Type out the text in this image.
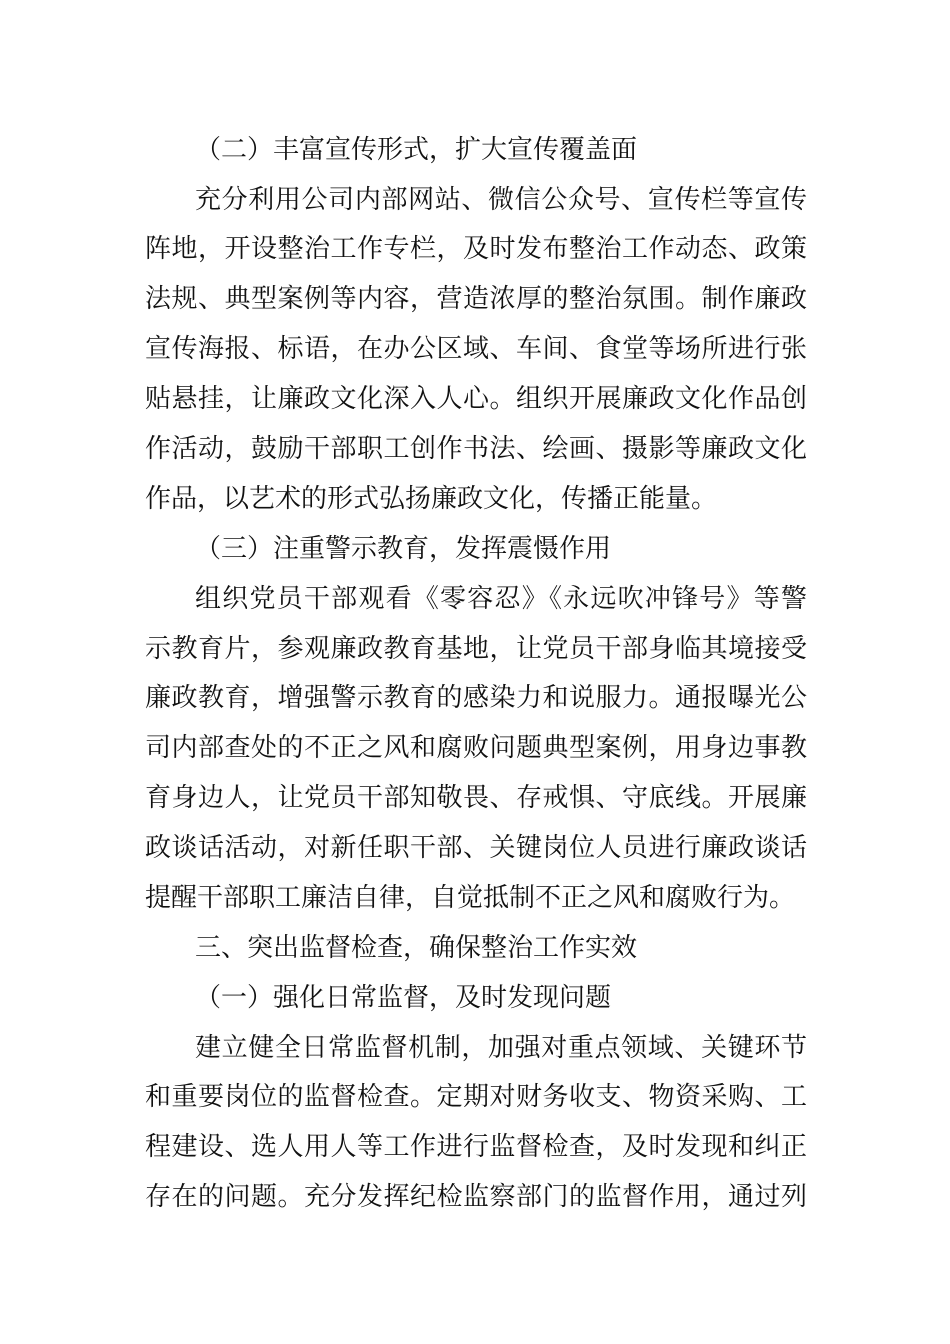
（二）丰富宣传形式，扩大宣传覆盖面
充分利用公司内部网站、微信公众号、宣传栏等宣传
阵地，开设整治工作专栏，及时发布整治工作动态、政策
法规、典型案例等内容，营造浓厚的整治氛围。制作廉政
宣传海报、标语，在办公区域、车间、食堂等场所进行张
贴悬挂，让廉政文化深入人心。组织开展廉政文化作品创
作活动，鼓励干部职工创作书法、绘画、摄影等廉政文化
作品，以艺术的形式弘扬廉政文化，传播正能量。
（三）注重警示教育，发挥震慑作用
组织党员干部观看《零容忍》《永远吹冲锋号》等警
示教育片，参观廉政教育基地，让党员干部身临其境接受
廉政教育，增强警示教育的感染力和说服力。通报曝光公
司内部查处的不正之风和腐败问题典型案例，用身边事教
育身边人，让党员干部知敬畏、存戒惧、守底线。开展廉
政谈话活动，对新任职干部、关键岗位人员进行廉政谈话
提醒干部职工廉洁自律，自觉抵制不正之风和腐败行为。
三、突出监督检查，确保整治工作实效
（一）强化日常监督，及时发现问题
建立健全日常监督机制，加强对重点领域、关键环节
和重要岗位的监督检查。定期对财务收支、物资采购、工
程建设、选人用人等工作进行监督检查，及时发现和纠正
存在的问题。充分发挥纪检监察部门的监督作用，通过列
